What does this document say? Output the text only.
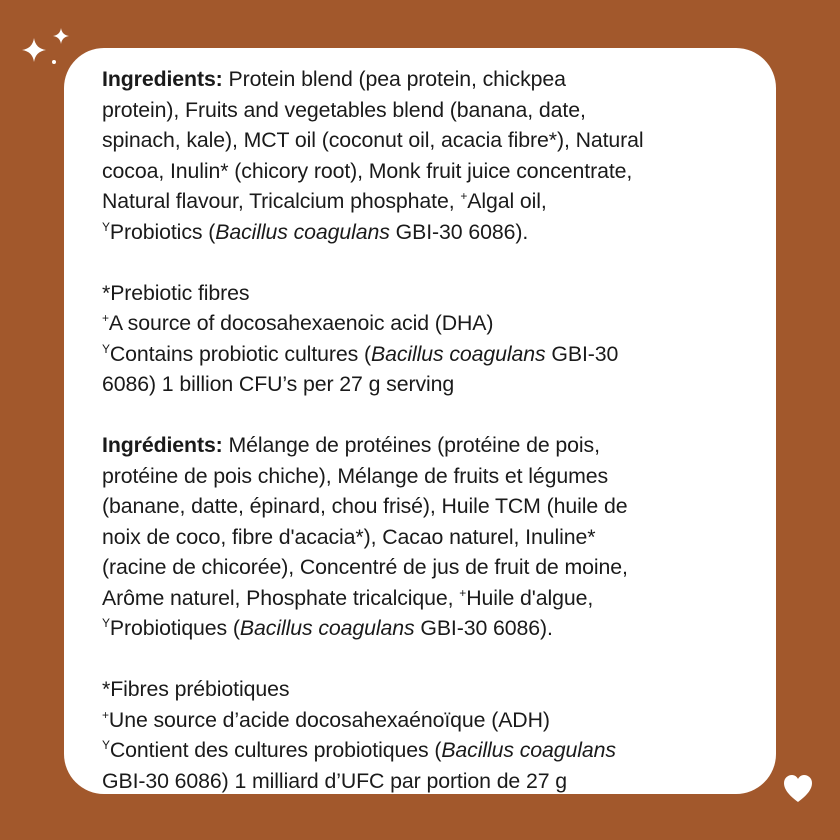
Ingredients: Protein blend (pea protein, chickpea

protein), Fruits and vegetables blend (banana, date,

spinach, kale), MCT oil (coconut oil, acacia fibre*), Natural

cocoa, Inulin* (chicory root), Monk fruit juice concentrate,

Natural flavour, Tricalcium phosphate, +Algal oil,

$^Y$Probiotics (Bacillus coagulans GBI-30 6086).

*Prebiotic fibres

+A source of docosahexaenoic acid (DHA)

$^Y$Contains probiotic cultures (Bacillus coagulans GBI-30

6086) 1 billion CFU’s per 27 g serving

Ingrédients: Mélange de protéines (protéine de pois,

protéine de pois chiche), Mélange de fruits et légumes

(banane, datte, épinard, chou frisé), Huile TCM (huile de

noix de coco, fibre d'acacia*), Cacao naturel, Inuline*

(racine de chicorée), Concentré de jus de fruit de moine,

Arôme naturel, Phosphate tricalcique, +Huile d'algue,

$^Y$Probiotiques (Bacillus coagulans GBI-30 6086).

*Fibres prébiotiques

+Une source d’acide docosahexaénoïque (ADH)

$^Y$Contient des cultures probiotiques (Bacillus coagulans

GBI-30 6086) 1 milliard d’UFC par portion de 27 g
